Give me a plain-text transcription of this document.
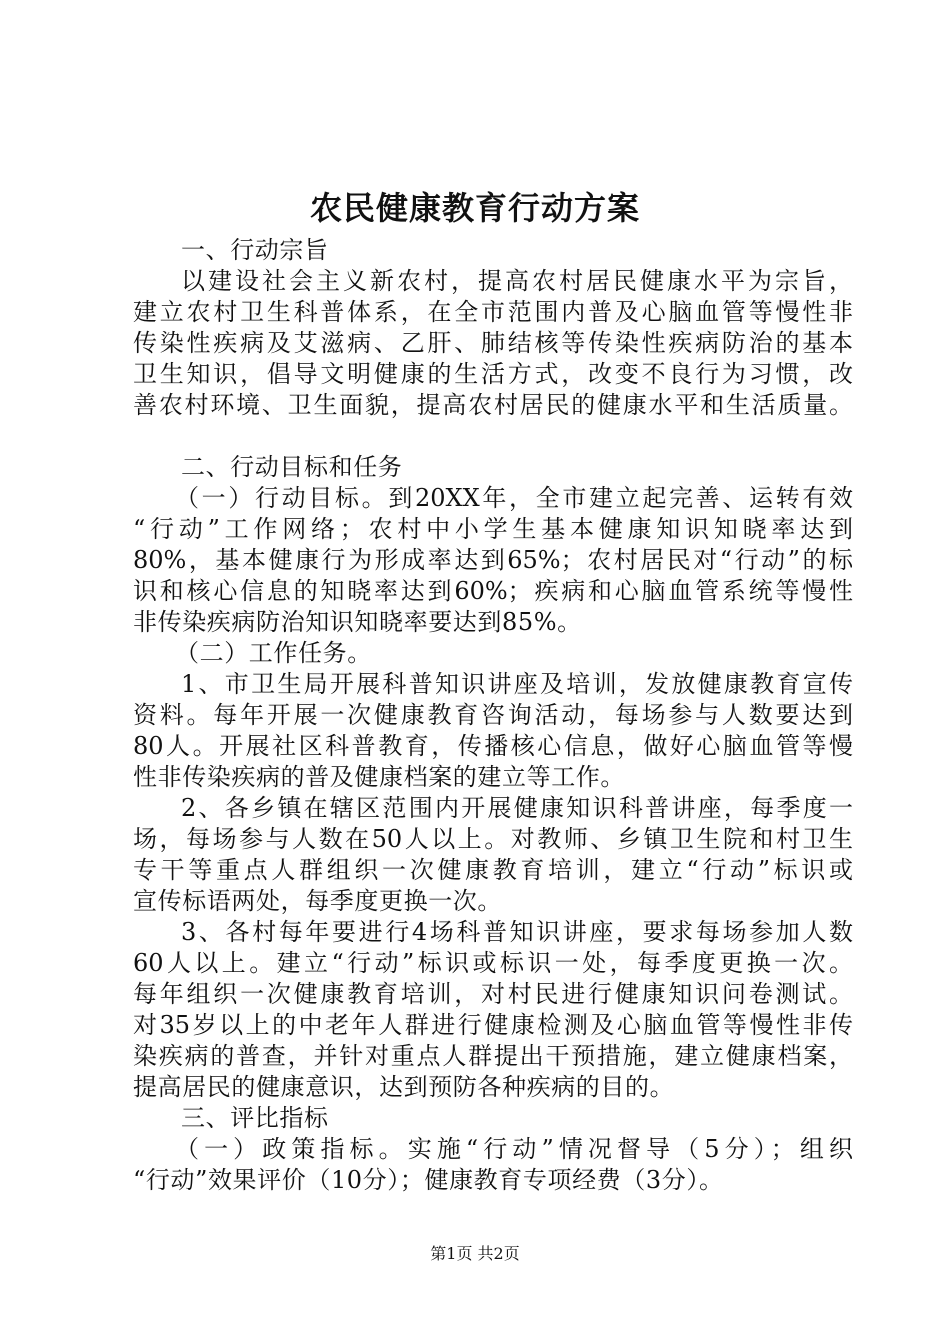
农民健康教育行动方案
一、行动宗旨
以建设社会主义新农村，提高农村居民健康水平为宗旨，
建立农村卫生科普体系，在全市范围内普及心脑血管等慢性非
传染性疾病及艾滋病、乙肝、肺结核等传染性疾病防治的基本
卫生知识，倡导文明健康的生活方式，改变不良行为习惯，改
善农村环境、卫生面貌，提高农村居民的健康水平和生活质量。
二、行动目标和任务
（一）行动目标。到20XX年，全市建立起完善、运转有效
“行动”工作网络；农村中小学生基本健康知识知晓率达到
80%，基本健康行为形成率达到65%；农村居民对“行动”的标
识和核心信息的知晓率达到60%；疾病和心脑血管系统等慢性
非传染疾病防治知识知晓率要达到85%。
（二）工作任务。
1、市卫生局开展科普知识讲座及培训，发放健康教育宣传
资料。每年开展一次健康教育咨询活动，每场参与人数要达到
80人。开展社区科普教育，传播核心信息，做好心脑血管等慢
性非传染疾病的普及健康档案的建立等工作。
2、各乡镇在辖区范围内开展健康知识科普讲座，每季度一
场，每场参与人数在50人以上。对教师、乡镇卫生院和村卫生
专干等重点人群组织一次健康教育培训，建立“行动”标识或
宣传标语两处，每季度更换一次。
3、各村每年要进行4场科普知识讲座，要求每场参加人数
60人以上。建立“行动”标识或标识一处，每季度更换一次。
每年组织一次健康教育培训，对村民进行健康知识问卷测试。
对35岁以上的中老年人群进行健康检测及心脑血管等慢性非传
染疾病的普查，并针对重点人群提出干预措施，建立健康档案，
提高居民的健康意识，达到预防各种疾病的目的。
三、评比指标
（一）政策指标。实施“行动”情况督导（5分）；组织
“行动”效果评价（10分）；健康教育专项经费（3分）。
第1页 共2页
